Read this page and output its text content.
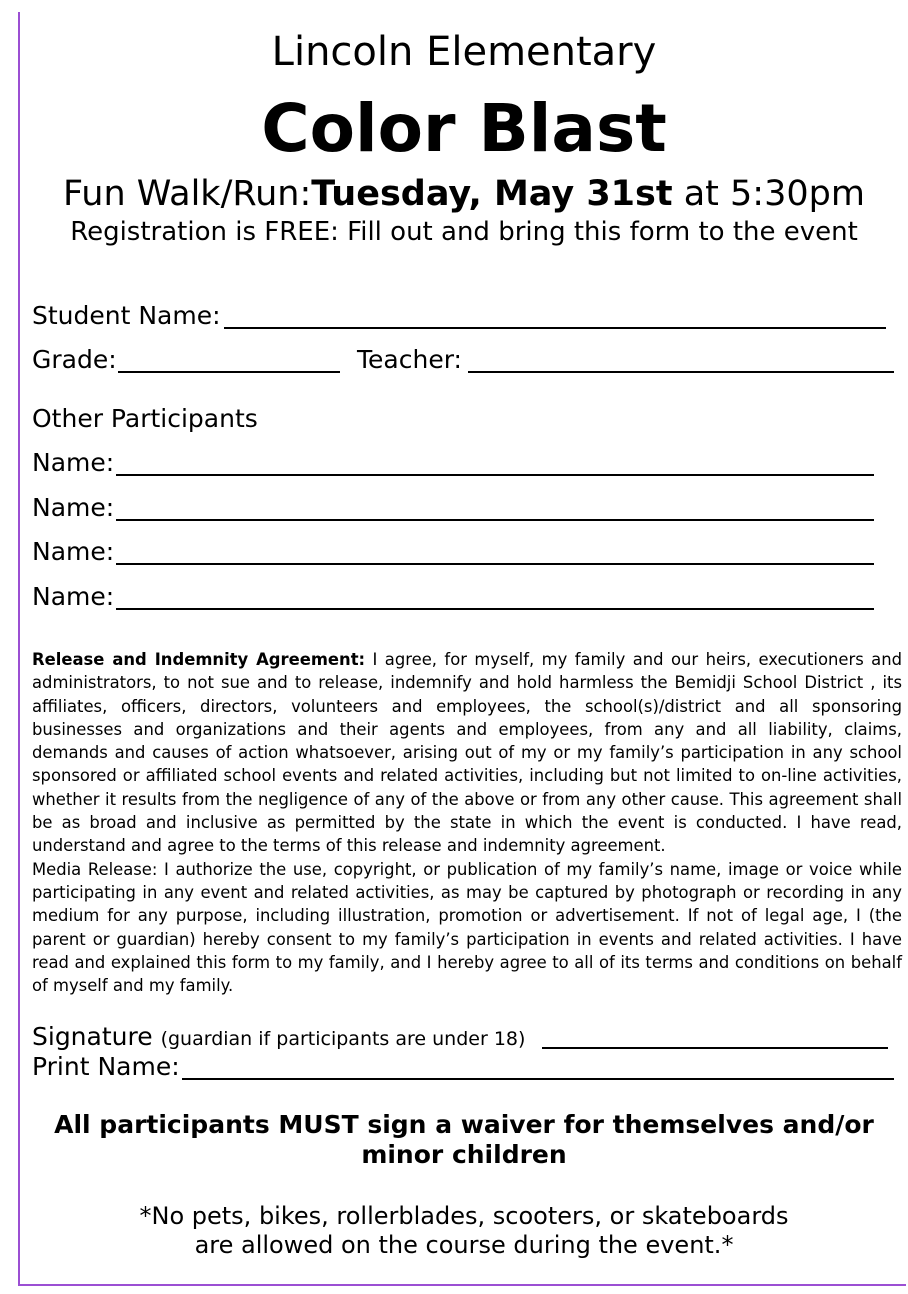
Lincoln Elementary
Color Blast
Fun Walk/Run:Tuesday, May 31st at 5:30pm
Registration is FREE: Fill out and bring this form to the event
Student Name:
Grade:	Teacher:
Other Participants
Name:
Name:
Name:
Name:

Release and Indemnity Agreement: I agree, for myself, my family and our heirs, executioners and administrators, to not sue and to release, indemnify and hold harmless the Bemidji School District , its affiliates, officers, directors, volunteers and employees, the school(s)/district and all sponsoring businesses and organizations and their agents and employees, from any and all liability, claims, demands and causes of action whatsoever, arising out of my or my family’s participation in any school sponsored or affiliated school events and related activities, including but not limited to on-line activities, whether it results from the negligence of any of the above or from any other cause. This agreement shall be as broad and inclusive as permitted by the state in which the event is conducted. I have read, understand and agree to the terms of this release and indemnity agreement.

Media Release: I authorize the use, copyright, or publication of my family’s name, image or voice while participating in any event and related activities, as may be captured by photograph or recording in any medium for any purpose, including illustration, promotion or advertisement. If not of legal age, I (the parent or guardian) hereby consent to my family’s participation in events and related activities. I have read and explained this form to my family, and I hereby agree to all of its terms and conditions on behalf of myself and my family.

Signature (guardian if participants are under 18)
Print Name:
All participants MUST sign a waiver for themselves and/or minor children
*No pets, bikes, rollerblades, scooters, or skateboards
are allowed on the course during the event.*
